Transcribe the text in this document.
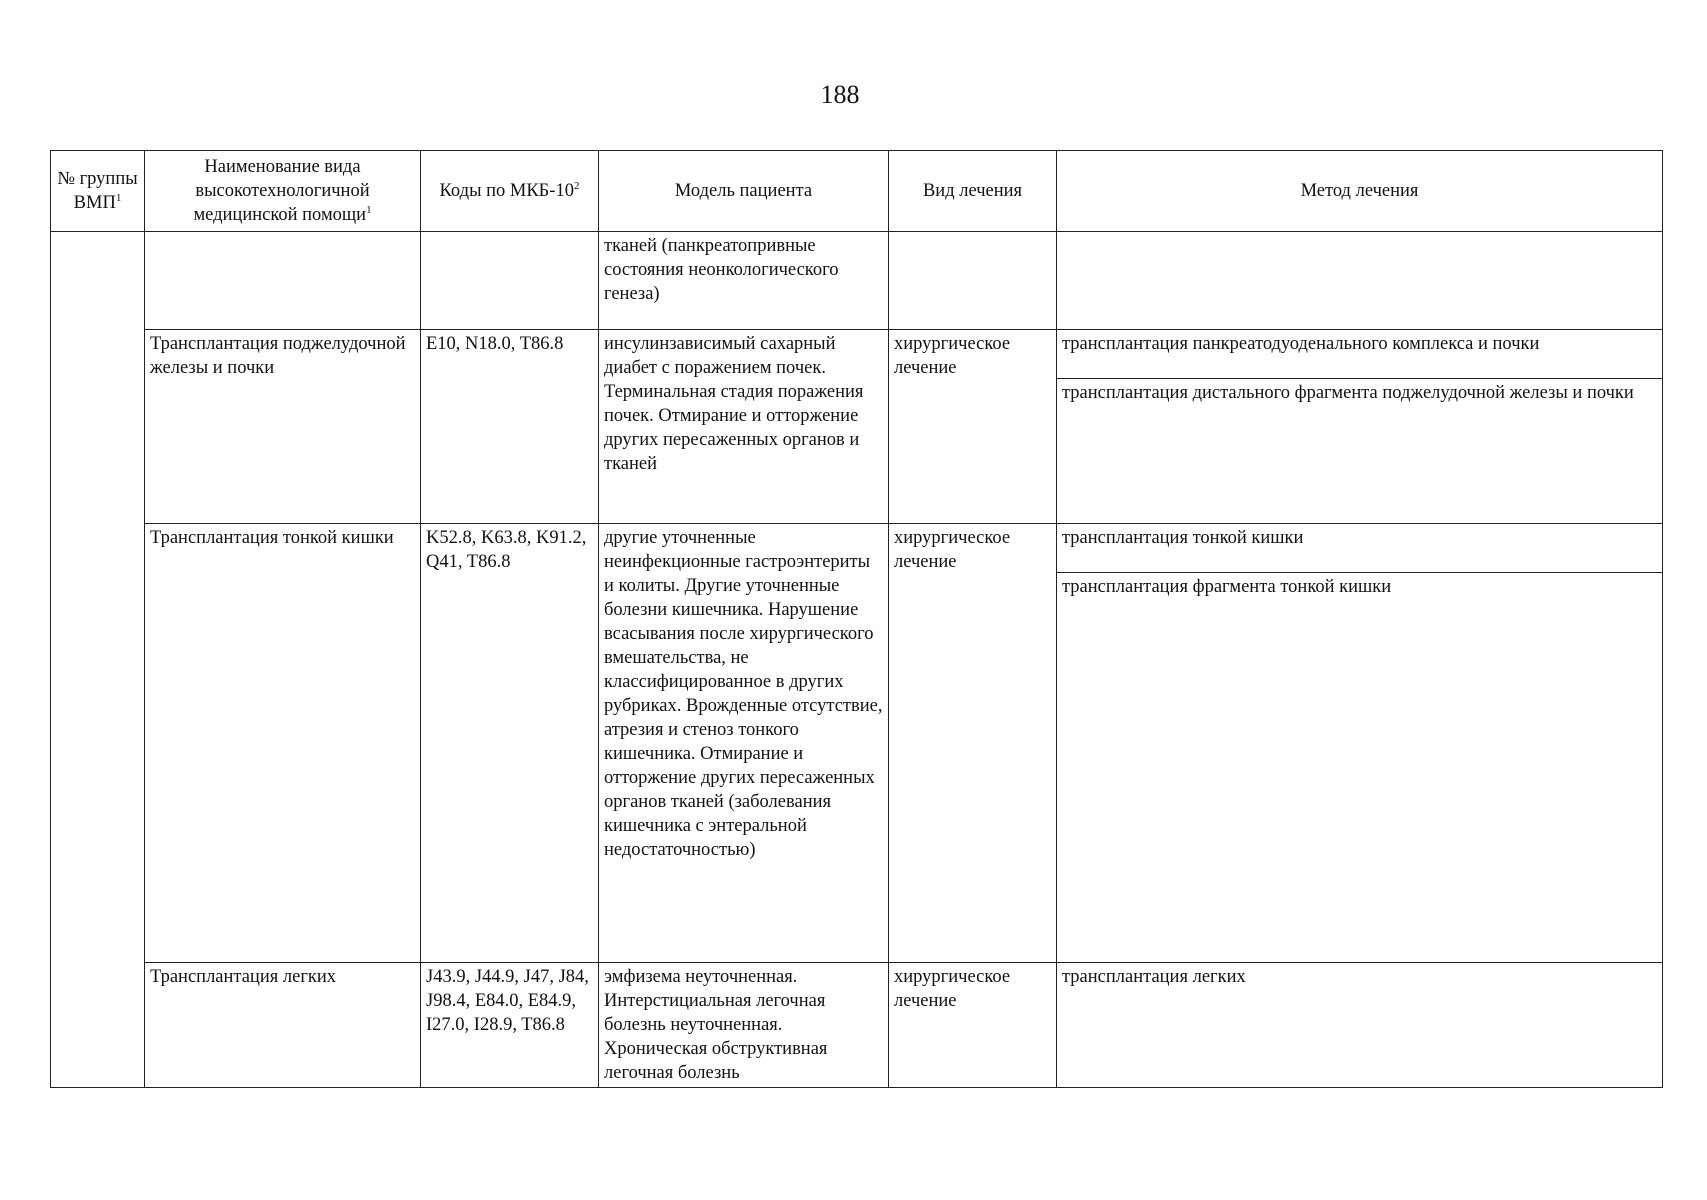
188
№ группы ВМП$^1$	Наименование вида высокотехнологичной медицинской помощи$^1$	Коды по МКБ-$10^2$	Модель пациента	Вид лечения	Метод лечения
			тканей (панкреатопривные состояния неонкологического генеза)		
	Трансплантация поджелудочной железы и почки	E10, N18.0, T86.8	инсулинзависимый сахарный диабет с поражением почек. Терминальная стадия поражения почек. Отмирание и отторжение других пересаженных органов и тканей	хирургическое лечение	трансплантация панкреатодуоденального комплекса и почки
трансплантация дистального фрагмента поджелудочной железы и почки

	Трансплантация тонкой кишки	K52.8, K63.8, K91.2, Q41, T86.8	другие уточненные неинфекционные гастроэнтериты и колиты. Другие уточненные болезни кишечника. Нарушение всасывания после хирургического вмешательства, не классифицированное в других рубриках. Врожденные отсутствие, атрезия и стеноз тонкого кишечника. Отмирание и отторжение других пересаженных органов тканей (заболевания кишечника с энтеральной недостаточностью)	хирургическое лечение	трансплантация тонкой кишки
трансплантация фрагмента тонкой кишки

	Трансплантация легких	J43.9, J44.9, J47, J84, J98.4, E84.0, E84.9, I27.0, I28.9, T86.8	эмфизема неуточненная. Интерстициальная легочная болезнь неуточненная. Хроническая обструктивная легочная болезнь	хирургическое лечение	трансплантация легких
